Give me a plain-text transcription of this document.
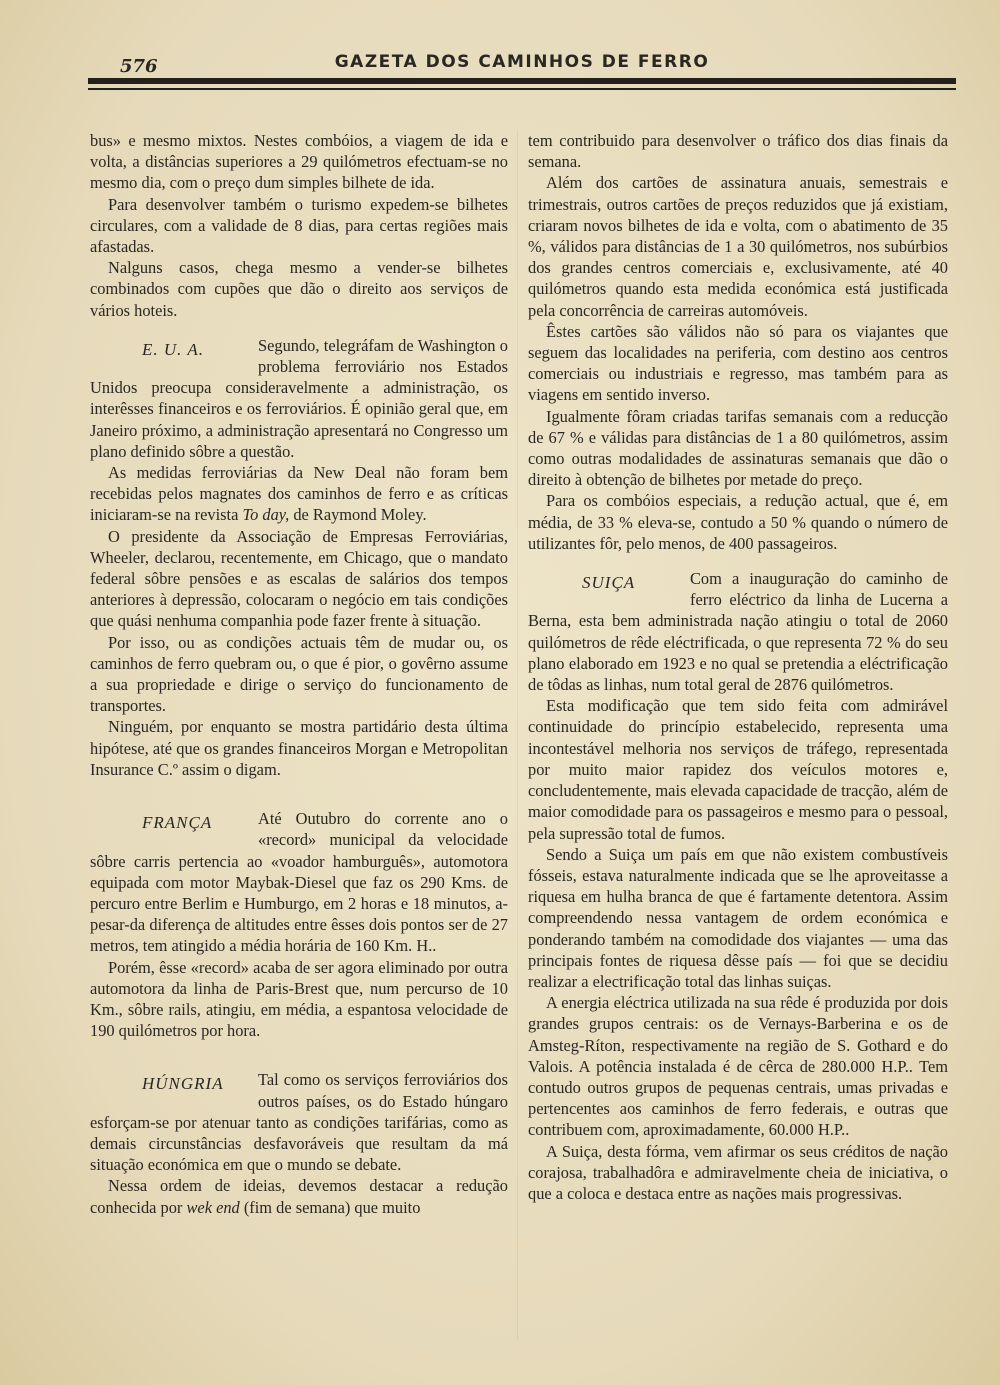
576	GAZETA DOS CAMINHOS DE FERRO

bus» e mesmo mixtos. Nestes combóios, a viagem de ida e volta, a distâncias superiores a 29 quilómetros efectuam-se no mesmo dia, com o preço dum simples bilhete de ida.

Para desenvolver também o turismo expedem-se bilhetes circulares, com a validade de 8 dias, para certas regiões mais afastadas.

Nalguns casos, chega mesmo a vender-se bilhetes combinados com cupões que dão o direito aos serviços de vários hoteis.

E. U. A.	Segundo, telegráfam de Washington o problema ferroviário nos Estados Unidos preocupa consideravelmente a administração, os interêsses financeiros e os ferroviários. É opinião geral que, em Janeiro próximo, a administração apresentará no Congresso um plano definido sôbre a questão.

As medidas ferroviárias da New Deal não foram bem recebidas pelos magnates dos caminhos de ferro e as críticas iniciaram-se na revista To day, de Raymond Moley.

O presidente da Associação de Empresas Ferroviárias, Wheeler, declarou, recentemente, em Chicago, que o mandato federal sôbre pensões e as escalas de salários dos tempos anteriores à depressão, colocaram o negócio em tais condições que quási nenhuma companhia pode fazer frente à situação.

Por isso, ou as condições actuais têm de mudar ou, os caminhos de ferro quebram ou, o que é pior, o govêrno assume a sua propriedade e dirige o serviço do funcionamento de transportes.

Ninguém, por enquanto se mostra partidário desta última hipótese, até que os grandes financeiros Morgan e Metropolitan Insurance C.º assim o digam.

FRANÇA	Até Outubro do corrente ano o «record» municipal da velocidade sôbre carris pertencia ao «voador hamburguês», automotora equipada com motor Maybak-Diesel que faz os 290 Kms. de percuro entre Berlim e Humburgo, em 2 horas e 18 minutos, a-pesar-da diferença de altitudes entre êsses dois pontos ser de 27 metros, tem atingido a média horária de 160 Km. H..

Porém, êsse «record» acaba de ser agora eliminado por outra automotora da linha de Paris-Brest que, num percurso de 10 Km., sôbre rails, atingiu, em média, a espantosa velocidade de 190 quilómetros por hora.

HÚNGRIA	Tal como os serviços ferroviários dos outros países, os do Estado húngaro esforçam-se por atenuar tanto as condições tarifárias, como as demais circunstâncias desfavoráveis que resultam da má situação económica em que o mundo se debate.

Nessa ordem de ideias, devemos destacar a redução conhecida por wek end (fim de semana) que muito

tem contribuido para desenvolver o tráfico dos dias finais da semana.

Além dos cartões de assinatura anuais, semestrais e trimestrais, outros cartões de preços reduzidos que já existiam, criaram novos bilhetes de ida e volta, com o abatimento de 35 %, válidos para distâncias de 1 a 30 quilómetros, nos subúrbios dos grandes centros comerciais e, exclusivamente, até 40 quilómetros quando esta medida económica está justificada pela concorrência de carreiras automóveis.

Êstes cartões são válidos não só para os viajantes que seguem das localidades na periferia, com destino aos centros comerciais ou industriais e regresso, mas também para as viagens em sentido inverso.

Igualmente fôram criadas tarifas semanais com a reducção de 67 % e válidas para distâncias de 1 a 80 quilómetros, assim como outras modalidades de assinaturas semanais que dão o direito à obtenção de bilhetes por metade do preço.

Para os combóios especiais, a redução actual, que é, em média, de 33 % eleva-se, contudo a 50 % quando o número de utilizantes fôr, pelo menos, de 400 passageiros.

SUIÇA	Com a inauguração do caminho de ferro eléctrico da linha de Lucerna a Berna, esta bem administrada nação atingiu o total de 2060 quilómetros de rêde eléctrificada, o que representa 72 % do seu plano elaborado em 1923 e no qual se pretendia a eléctrificação de tôdas as linhas, num total geral de 2876 quilómetros.

Esta modificação que tem sido feita com admirável continuidade do princípio estabelecido, representa uma incontestável melhoria nos serviços de tráfego, representada por muito maior rapidez dos veículos motores e, concludentemente, mais elevada capacidade de tracção, além de maior comodidade para os passageiros e mesmo para o pessoal, pela supressão total de fumos.

Sendo a Suiça um país em que não existem combustíveis fósseis, estava naturalmente indicada que se lhe aproveitasse a riquesa em hulha branca de que é fartamente detentora. Assim compreendendo nessa vantagem de ordem económica e ponderando também na comodidade dos viajantes — uma das principais fontes de riquesa dêsse país — foi que se decidiu realizar a electrificação total das linhas suiças.

A energia eléctrica utilizada na sua rêde é produzida por dois grandes grupos centrais: os de Vernays-Barberina e os de Amsteg-Ríton, respectivamente na região de S. Gothard e do Valois. A potência instalada é de cêrca de 280.000 H.P.. Tem contudo outros grupos de pequenas centrais, umas privadas e pertencentes aos caminhos de ferro federais, e outras que contribuem com, aproximadamente, 60.000 H.P..

A Suiça, desta fórma, vem afirmar os seus créditos de nação corajosa, trabalhadôra e admiravelmente cheia de iniciativa, o que a coloca e destaca entre as nações mais progressivas.
